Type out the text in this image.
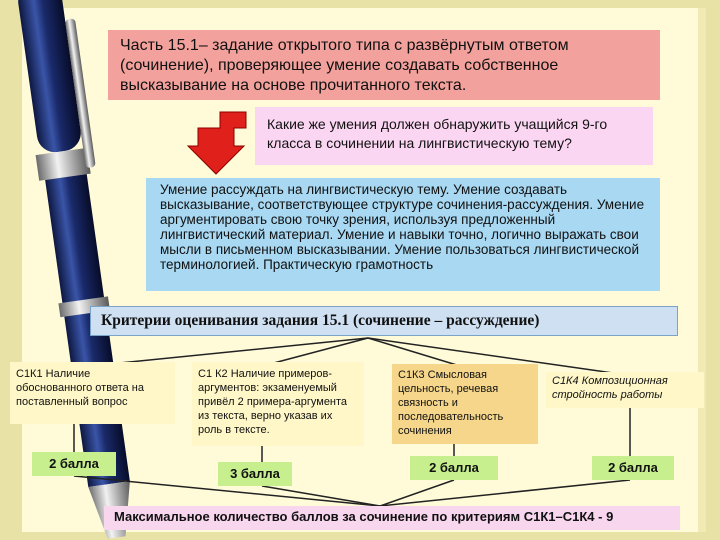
Часть 15.1– задание открытого типа с развёрнутым ответом (сочинение), проверяющее умение создавать собственное высказывание на основе прочитанного текста.
Какие же умения должен обнаружить учащийся 9-го класса в сочинении на лингвистическую тему?
Умение рассуждать на лингвистическую тему. Умение создавать высказывание, соответствующее структуре сочинения-рассуждения. Умение аргументировать свою точку зрения, используя предложенный лингвистический материал. Умение и навыки точно, логично выражать свои мысли в письменном высказывании. Умение пользоваться лингвистической терминологией. Практическую грамотность
Критерии оценивания задания 15.1 (сочинение – рассуждение)
С1К1 Наличие обоснованного ответа на поставленный вопрос
С1 К2 Наличие примеров-аргументов: экзаменуемый привёл 2 примера-аргумента из текста, верно указав их роль в тексте.
С1К3 Смысловая цельность, речевая связность и последовательность сочинения
С1К4 Композиционная стройность работы
2 балла
3 балла	2 балла	2 балла
Максимальное количество баллов за сочинение по критериям С1К1–С1К4 - 9
